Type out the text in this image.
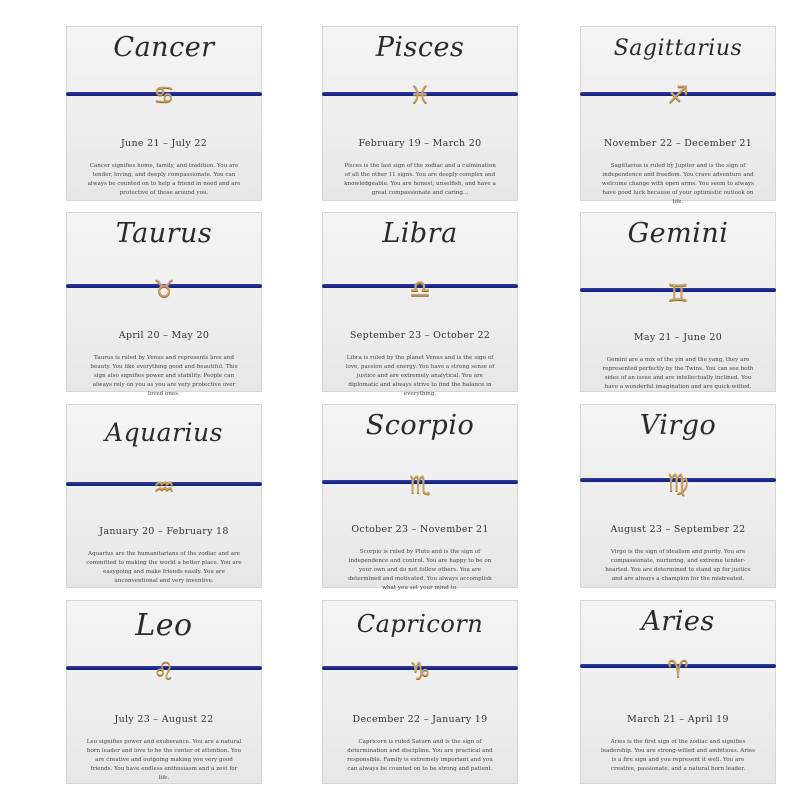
Cancer
♋
June 21 – July 22
Cancer signifies home, family, and tradition. You are tender, loving, and deeply compassionate. You can always be counted on to help a friend in need and are protective of those around you.
Pisces
♓
February 19 – March 20
Pisces is the last sign of the zodiac and a culmination of all the other 11 signs. You are deeply complex and knowledgeable. You are honest, unselfish, and have a great compassionate and caring...
Sagittarius
♐
November 22 – December 21
Sagittarius is ruled by Jupiter and is the sign of independence and freedom. You crave adventure and welcome change with open arms. You seem to always have good luck because of your optimistic outlook on life.
Taurus
♉
April 20 – May 20
Taurus is ruled by Venus and represents love and beauty. You like everything good and beautiful. This sign also signifies power and stability. People can always rely on you as you are very protective over loved ones.
Libra
♎
September 23 – October 22
Libra is ruled by the planet Venus and is the sign of love, passion and energy. You have a strong sense of justice and are extremely analytical. You are diplomatic and always strive to find the balance in everything.
Gemini
♊
May 21 – June 20
Gemini are a mix of the yin and the yang, they are represented perfectly by the Twins. You can see both sides of an issue and are intellectually inclined. You have a wonderful imagination and are quick-witted.
Aquarius
♒
January 20 – February 18
Aquarius are the humanitarians of the zodiac and are committed to making the world a better place. You are easygoing and make friends easily. You are unconventional and very inventive.
Scorpio
♏
October 23 – November 21
Scorpio is ruled by Pluto and is the sign of independence and control. You are happy to be on your own and do not follow others. You are determined and motivated. You always accomplish what you set your mind to.
Virgo
♍
August 23 – September 22
Virgo is the sign of idealism and purity. You are compassionate, nurturing, and extreme tender-hearted. You are determined to stand up for justice and are always a champion for the mistreated.
Leo
♌
July 23 – August 22
Leo signifies power and exuberance. You are a natural born leader and love to be the center of attention. You are creative and outgoing making you very good friends. You have endless enthusiasm and a zest for life.
Capricorn
♑
December 22 – January 19
Capricorn is ruled Saturn and is the sign of determination and discipline. You are practical and responsible. Family is extremely important and you can always be counted on to be strong and patient.
Aries
♈
March 21 – April 19
Aries is the first sign of the zodiac and signifies leadership. You are strong-willed and ambitious. Aries is a fire sign and you represent it well. You are creative, passionate, and a natural born leader.
